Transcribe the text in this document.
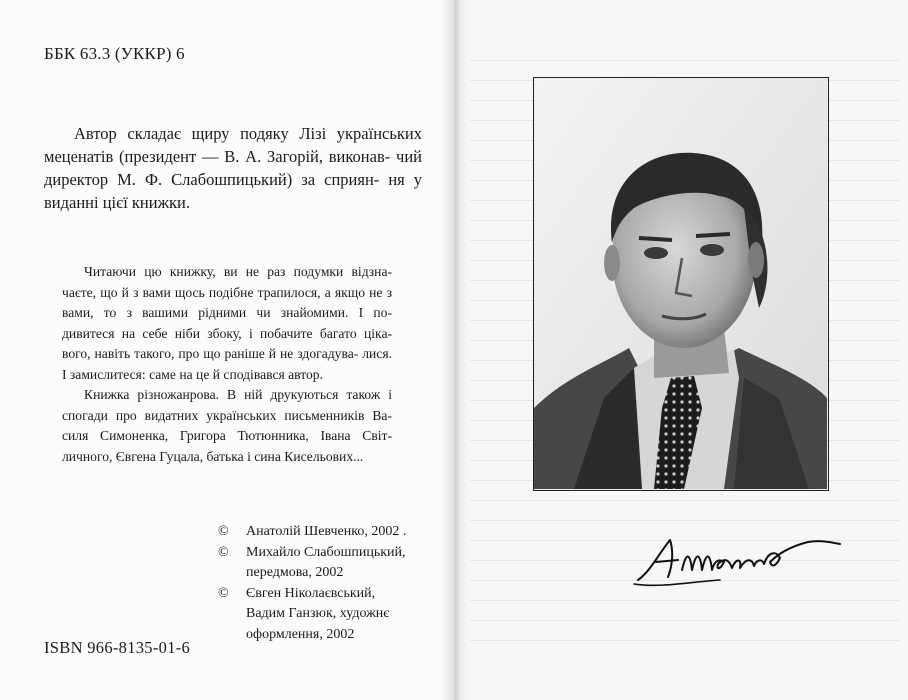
ББК 63.3 (УККР) 6
Автор складає щиру подяку Лізі українських меценатів (президент — В. А. Загорій, виконав- чий директор М. Ф. Слабошпицький) за сприян- ня у виданні цієї книжки.

Читаючи цю книжку, ви не раз подумки відзна- чаєте, що й з вами щось подібне трапилося, а якщо не з вами, то з вашими рідними чи знайомими. І по- дивитеся на себе ніби збоку, і побачите багато ціка- вого, навіть такого, про що раніше й не здогадува- лися. І замислитеся: саме на це й сподівався автор.

Книжка різножанрова. В ній друкуються також і спогади про видатних українських письменників Ва- силя Симоненка, Григора Тютюнника, Івана Світ- личного, Євгена Гуцала, батька і сина Кисельових...

© Анатолій Шевченко, 2002 .
© Михайло Слабошпицький,
передмова, 2002
© Євген Ніколаєвський,
Вадим Ганзюк, художнє
оформлення, 2002
ISBN 966-8135-01-6
